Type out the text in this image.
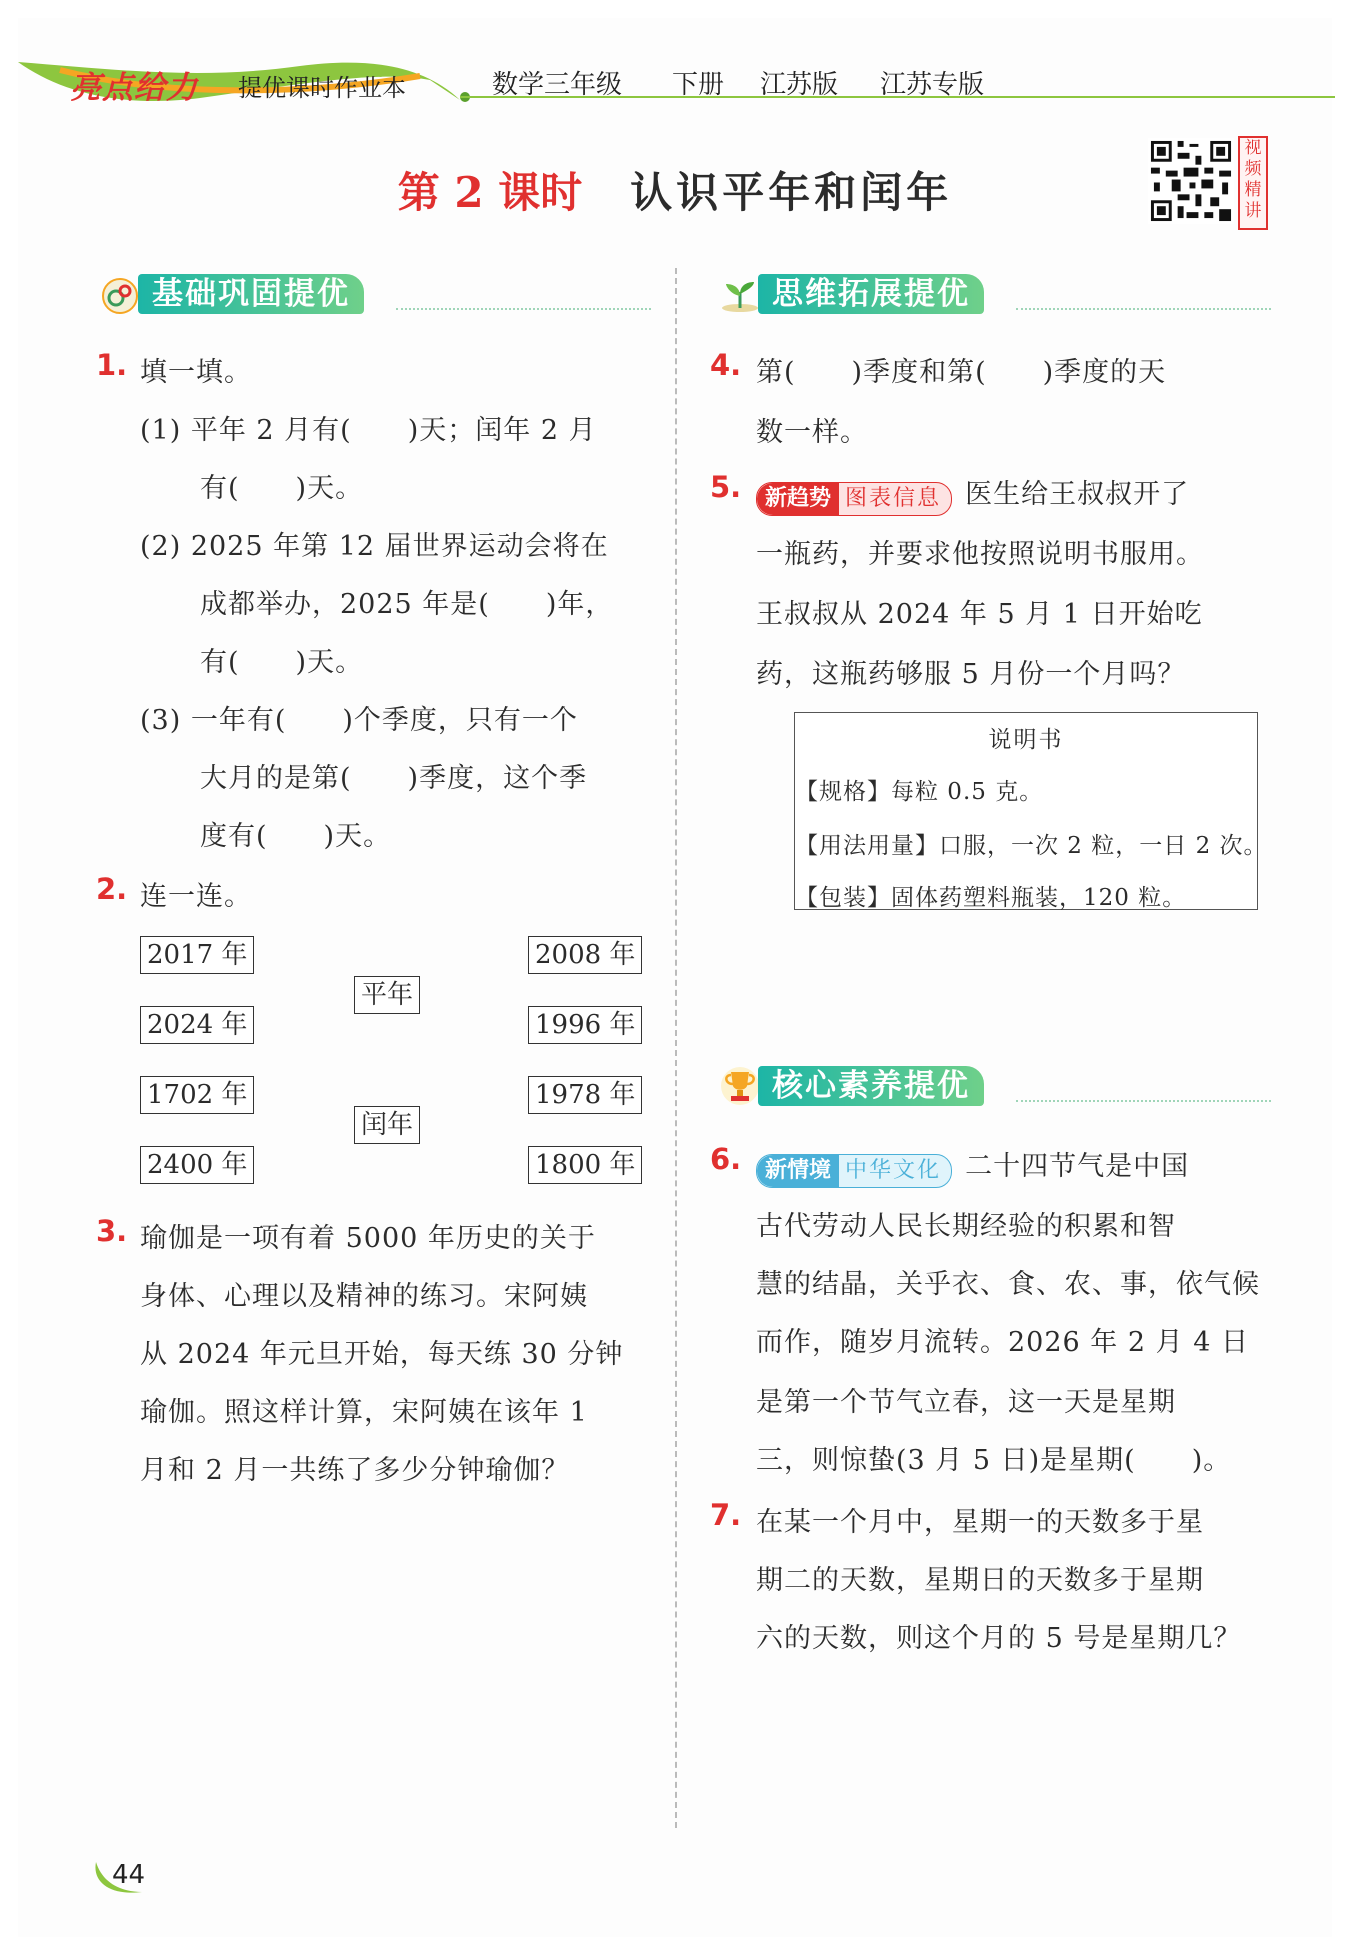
亮点给力 提优课时作业本	数学三年级 下册 江苏版 江苏专版
第 2 课时 认识平年和闰年
视频精讲
基础巩固提优	思维拓展提优
核心素养提优
1. 填一填。
(1) 平年 2 月有(　　)天；闰年 2 月
有(　　)天。
(2) 2025 年第 12 届世界运动会将在
成都举办，2025 年是(　　)年，
有(　　)天。
(3) 一年有(　　)个季度，只有一个
大月的是第(　　)季度，这个季
度有(　　)天。
2. 连一连。
2017 年
2024 年
1702 年
2400 年
平年
闰年
2008 年
1996 年
1978 年
1800 年
3. 瑜伽是一项有着 5000 年历史的关于
身体、心理以及精神的练习。宋阿姨
从 2024 年元旦开始，每天练 30 分钟
瑜伽。照这样计算，宋阿姨在该年 1
月和 2 月一共练了多少分钟瑜伽？
4. 第(　　)季度和第(　　)季度的天
数一样。
5.	新趋势 图表信息 医生给王叔叔开了
一瓶药，并要求他按照说明书服用。
王叔叔从 2024 年 5 月 1 日开始吃
药，这瓶药够服 5 月份一个月吗？
说明书
【规格】每粒 0.5 克。
【用法用量】口服，一次 2 粒，一日 2 次。
【包装】固体药塑料瓶装，120 粒。
6.	新情境 中华文化 二十四节气是中国
古代劳动人民长期经验的积累和智
慧的结晶，关乎衣、食、农、事，依气候
而作，随岁月流转。2026 年 2 月 4 日
是第一个节气立春，这一天是星期
三，则惊蛰(3 月 5 日)是星期(　　)。
7. 在某一个月中，星期一的天数多于星
期二的天数，星期日的天数多于星期
六的天数，则这个月的 5 号是星期几？
44
